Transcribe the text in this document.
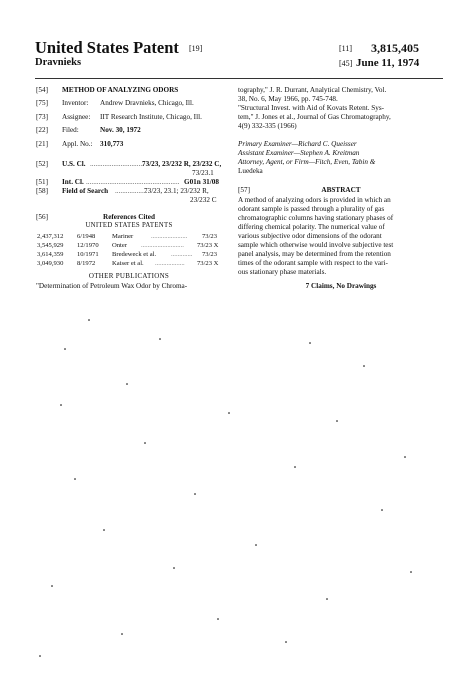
United States Patent [19]	[11] 3,815,405
Dravnieks	[45] June 11, 1974
[54] METHOD OF ANALYZING ODORS
[75] Inventor: Andrew Dravnieks, Chicago, Ill.
[73] Assignee: IIT Research Institute, Chicago, Ill.
[22] Filed:	Nov. 30, 1972
[21] Appl. No.: 310,773
[52] U.S. Cl. ..............................
73/23, 23/232 R, 23/232 C,
73/23.1
[51] Int. Cl. .................................................... G01n 31/08
[58] Field of Search ..................
73/23, 23.1; 23/232 R,
23/232 C
[56]	References Cited
UNITED STATES PATENTS
2,437,312 6/1948	Mariner	......................	73/23
3,545,929 12/1970 Onter ..........................	73/23 X
3,614,359 10/1971 Bredeweck et al. .............	73/23
3,049,930 8/1972	Kaiser et al. ..................	73/23 X
OTHER PUBLICATIONS
"Determination of Petroleum Wax Odor by Chroma-
tography," J. R. Durrant, Analytical Chemistry, Vol.
38, No. 6, May 1966, pp. 745-748.
"Structural Invest. with Aid of Kovats Retent. Sys-
tem," J. Jones et al., Journal of Gas Chromatography,
4(9) 332-335 (1966)
Primary Examiner—Richard C. Queisser
Assistant Examiner—Stephen A. Kreitman
Attorney, Agent, or Firm—Fitch, Even, Tabin &
Luedeka
[57]	ABSTRACT
A method of analyzing odors is provided in which an
odorant sample is passed through a plurality of gas
chromatographic columns having stationary phases of
differing chemical polarity. The numerical value of
various subjective odor dimensions of the odorant
sample which otherwise would involve subjective test
panel analysis, may be determined from the retention
times of the odorant sample with respect to the vari-
ous stationary phase materials.
7 Claims, No Drawings
